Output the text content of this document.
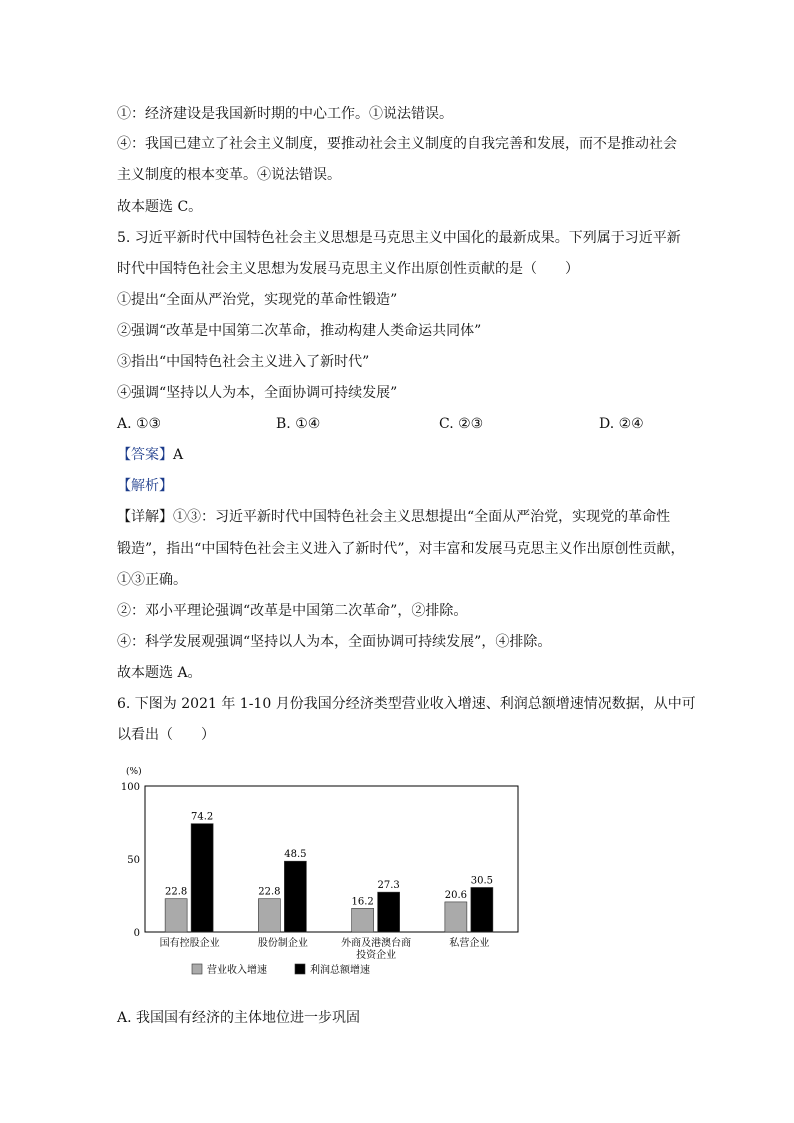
①：经济建设是我国新时期的中心工作。①说法错误。
④：我国已建立了社会主义制度，要推动社会主义制度的自我完善和发展，而不是推动社会
主义制度的根本变革。④说法错误。
故本题选 C。
5. 习近平新时代中国特色社会主义思想是马克思主义中国化的最新成果。下列属于习近平新
时代中国特色社会主义思想为发展马克思主义作出原创性贡献的是（　　）
①提出“全面从严治党，实现党的革命性锻造”
②强调“改革是中国第二次革命，推动构建人类命运共同体”
③指出“中国特色社会主义进入了新时代”
④强调“坚持以人为本，全面协调可持续发展”
A. ①③	B. ①④	C. ②③	D. ②④
【答案】A
【解析】
【详解】①③：习近平新时代中国特色社会主义思想提出“全面从严治党，实现党的革命性
锻造”，指出“中国特色社会主义进入了新时代”，对丰富和发展马克思主义作出原创性贡献，
①③正确。
②：邓小平理论强调“改革是中国第二次革命”，②排除。
④：科学发展观强调“坚持以人为本，全面协调可持续发展”，④排除。
故本题选 A。
6. 下图为 2021 年 1-10 月份我国分经济类型营业收入增速、利润总额增速情况数据，从中可
以看出（　　）
(%)
0
50
100
22.8
74.2
国有控股企业
22.8
48.5
股份制企业
16.2
27.3
外商及港澳台商
投资企业
20.6
30.5
私营企业
营业收入增速	利润总额增速
A. 我国国有经济的主体地位进一步巩固
